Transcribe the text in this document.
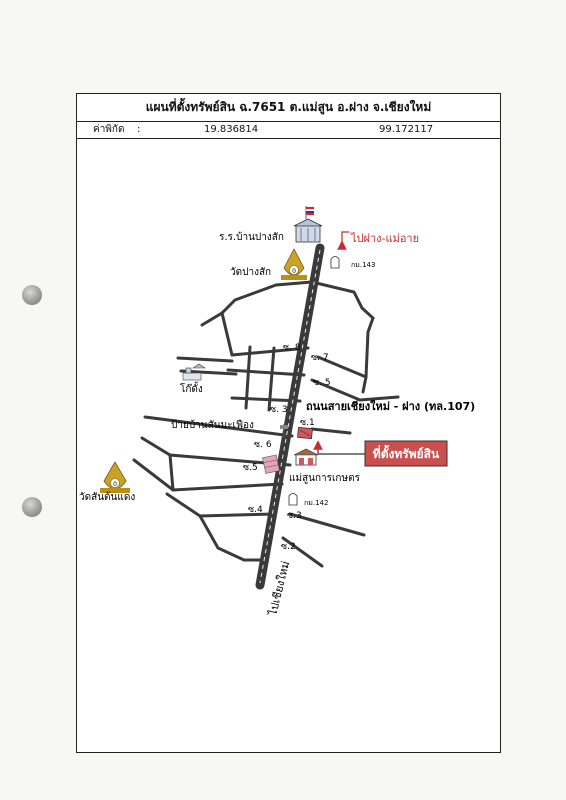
แผนที่ตั้งทรัพย์สิน ฉ.7651 ต.แม่สูน อ.ฝาง จ.เชียงใหม่
ค่าพิกัด :	19.836814	99.172117
ร.ร.บ้านปางสัก	ไปฝาง-แม่อาย
กม.143
0
วัดปางสัก
ซ. 8
ซ. 7
ซ. 5
ซ. 3
ซ.1
ซ. 6
ซ.5
ซ.4
ซ.3
ซ.2
โก๊ดั้ง
ถนนสายเชียงใหม่ - ฝาง (ทล.107)
ป้ายบ้านสันมะเฟือง
ที่ตั้งทรัพย์สิน
แม่สูนการเกษตร
0
วัดสันต้นแดง	กม.142
ไปเชียงใหม่
